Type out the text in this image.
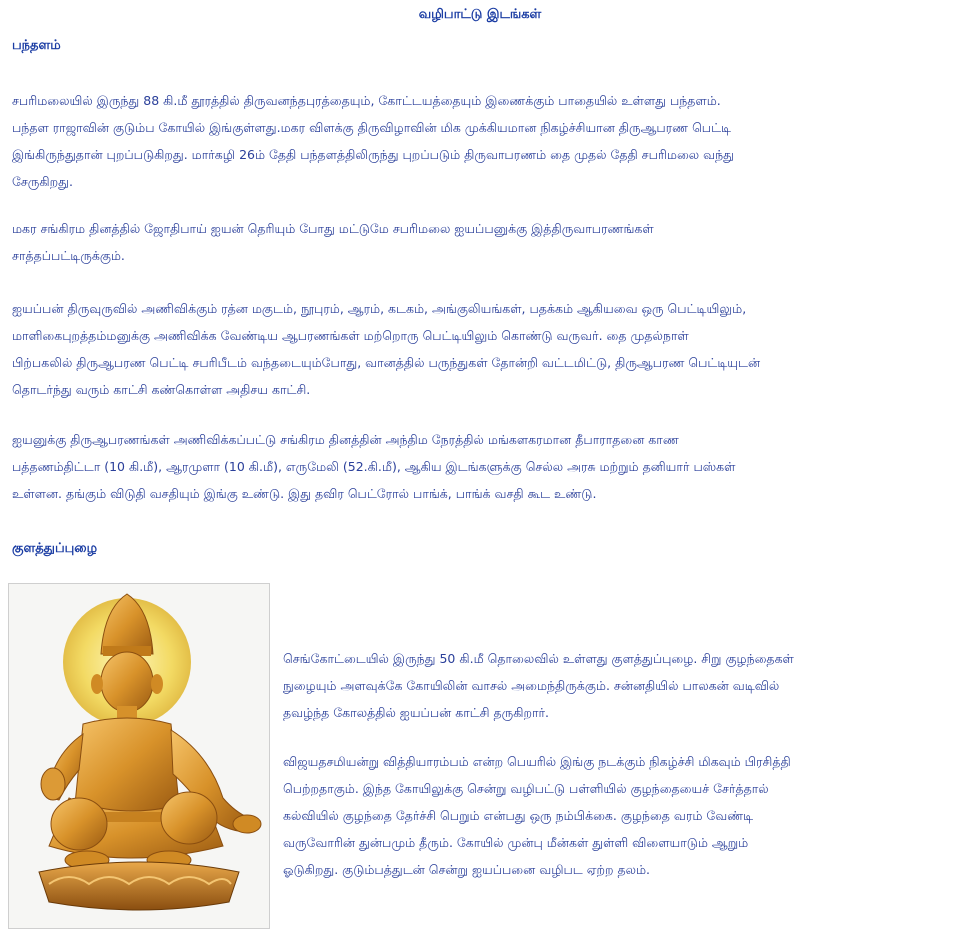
வழிபாட்டு இடங்கள்
பந்தளம்
சபரிமலையில் இருந்து 88 கி.மீ தூரத்தில் திருவனந்தபுரத்தையும், கோட்டயத்தையும் இணைக்கும் பாதையில் உள்ளது பந்தளம்.
பந்தள ராஜாவின் குடும்ப கோயில் இங்குள்ளது.மகர விளக்கு திருவிழாவின் மிக முக்கியமான நிகழ்ச்சியான திருஆபரண பெட்டி
இங்கிருந்துதான் புறப்படுகிறது. மார்கழி 26ம் தேதி பந்தளத்திலிருந்து புறப்படும் திருவாபரணம் தை முதல் தேதி சபரிமலை வந்து
சேருகிறது.
மகர சங்கிரம தினத்தில் ஜோதிபாய் ஐயன் தெரியும் போது மட்டுமே சபரிமலை ஐயப்பனுக்கு இத்திருவாபரணங்கள்
சாத்தப்பட்டிருக்கும்.
ஐயப்பன் திருவுருவில் அணிவிக்கும் ரத்ன மகுடம், நூபுரம், ஆரம், கடகம், அங்குலியங்கள், பதக்கம் ஆகியவை ஒரு பெட்டியிலும்,
மாளிகைபுறத்தம்மனுக்கு அணிவிக்க வேண்டிய ஆபரணங்கள் மற்றொரு பெட்டியிலும் கொண்டு வருவர். தை முதல்நாள்
பிற்பகலில் திருஆபரண பெட்டி சபரிபீடம் வந்தடையும்போது, வானத்தில் பருந்துகள் தோன்றி வட்டமிட்டு, திருஆபரண பெட்டியுடன்
தொடர்ந்து வரும் காட்சி கண்கொள்ள அதிசய காட்சி.
ஐயனுக்கு திருஆபரணங்கள் அணிவிக்கப்பட்டு சங்கிரம தினத்தின் அந்திம நேரத்தில் மங்களகரமான தீபாராதனை காண
பத்தணம்திட்டா (10 கி.மீ), ஆரமுளா (10 கி.மீ), எருமேலி (52.கி.மீ), ஆகிய இடங்களுக்கு செல்ல அரசு மற்றும் தனியார் பஸ்கள்
உள்ளன. தங்கும் விடுதி வசதியும் இங்கு உண்டு. இது தவிர பெட்ரோல் பாங்க், பாங்க் வசதி கூட உண்டு.
குளத்துப்புழை
செங்கோட்டையில் இருந்து 50 கி.மீ தொலைவில் உள்ளது குளத்துப்புழை. சிறு குழந்தைகள்
நுழையும் அளவுக்கே கோயிலின் வாசல் அமைந்திருக்கும். சன்னதியில் பாலகன் வடிவில்
தவழ்ந்த கோலத்தில் ஐயப்பன் காட்சி தருகிறார்.
விஜயதசமியன்று வித்தியாரம்பம் என்ற பெயரில் இங்கு நடக்கும் நிகழ்ச்சி மிகவும் பிரசித்தி
பெற்றதாகும். இந்த கோயிலுக்கு சென்று வழிபட்டு பள்ளியில் குழந்தையைச் சேர்த்தால்
கல்வியில் குழந்தை தேர்ச்சி பெறும் என்பது ஒரு நம்பிக்கை. குழந்தை வரம் வேண்டி
வருவோரின் துன்பமும் தீரும். கோயில் முன்பு மீன்கள் துள்ளி விளையாடும் ஆறும்
ஓடுகிறது. குடும்பத்துடன் சென்று ஐயப்பனை வழிபட ஏற்ற தலம்.
